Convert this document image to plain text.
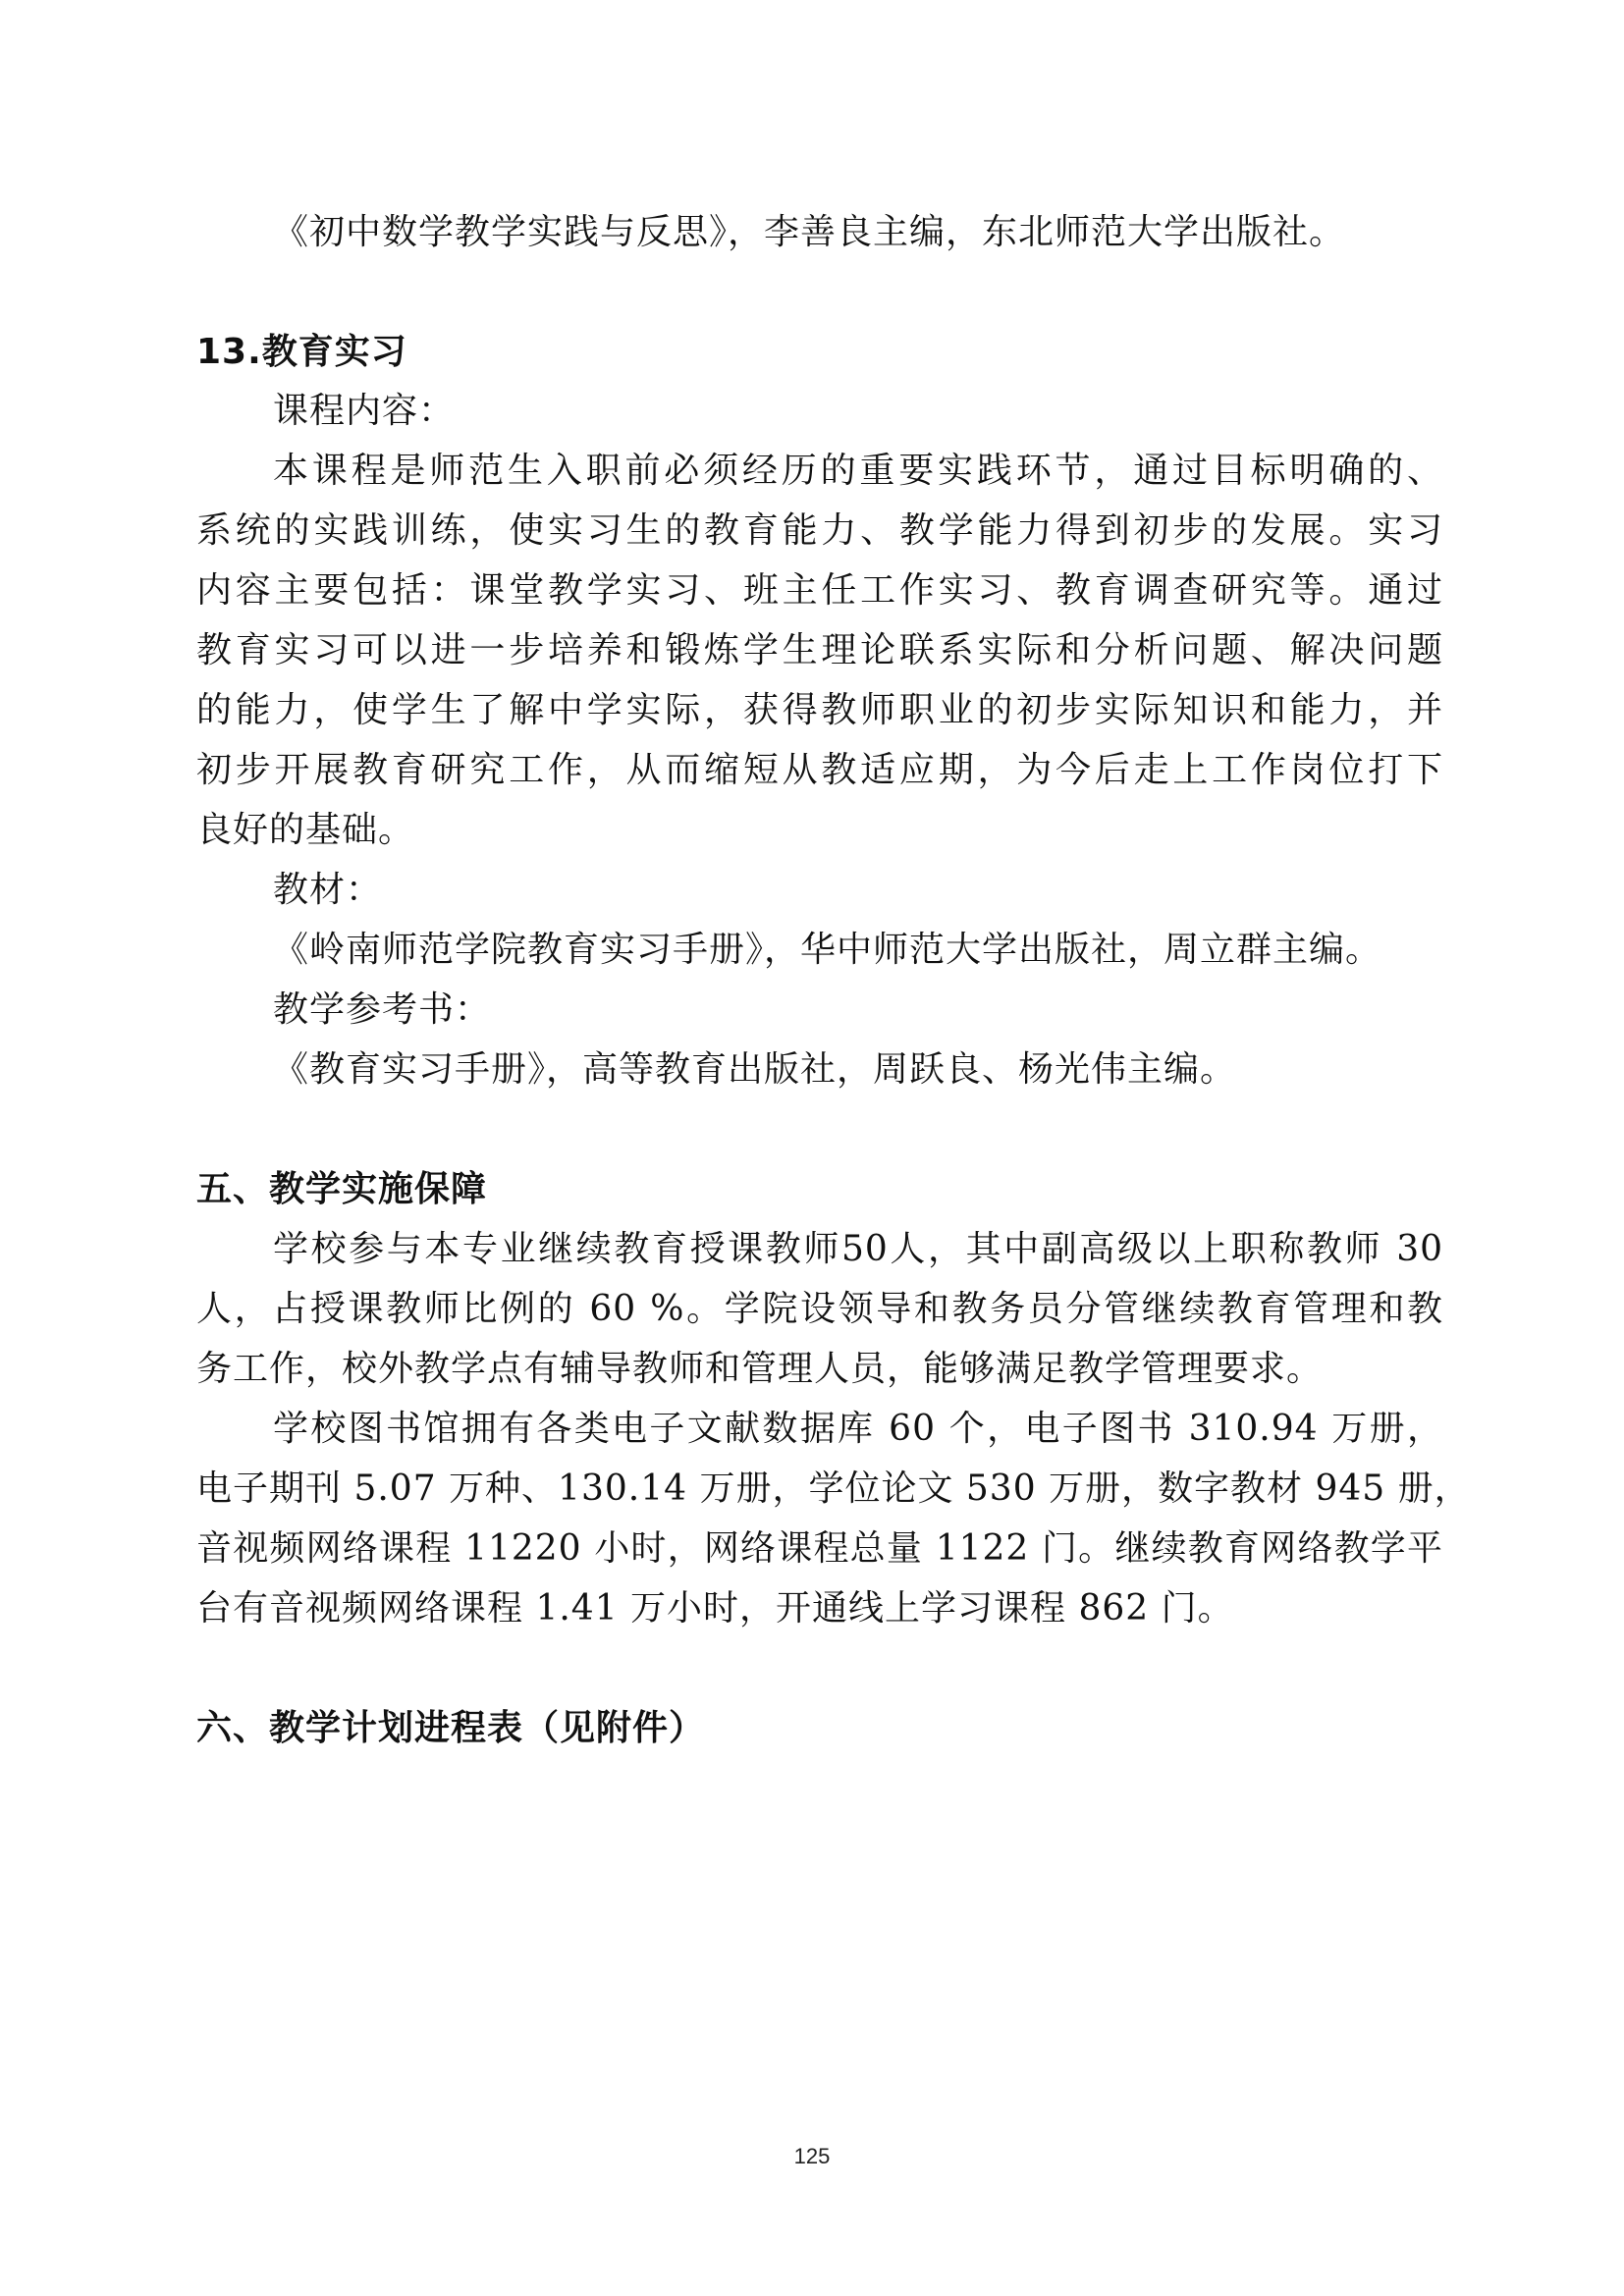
《初中数学教学实践与反思》，李善良主编，东北师范大学出版社。
13.教育实习
课程内容：
本课程是师范生入职前必须经历的重要实践环节，通过目标明确的、
系统的实践训练，使实习生的教育能力、教学能力得到初步的发展。实习
内容主要包括：课堂教学实习、班主任工作实习、教育调查研究等。通过
教育实习可以进一步培养和锻炼学生理论联系实际和分析问题、解决问题
的能力，使学生了解中学实际，获得教师职业的初步实际知识和能力，并
初步开展教育研究工作，从而缩短从教适应期，为今后走上工作岗位打下
良好的基础。
教材：
《岭南师范学院教育实习手册》，华中师范大学出版社，周立群主编。
教学参考书：
《教育实习手册》，高等教育出版社，周跃良、杨光伟主编。
五、教学实施保障
学校参与本专业继续教育授课教师50人，其中副高级以上职称教师 30
人，占授课教师比例的 60 %。学院设领导和教务员分管继续教育管理和教
务工作，校外教学点有辅导教师和管理人员，能够满足教学管理要求。
学校图书馆拥有各类电子文献数据库 60 个，电子图书 310.94 万册，
电子期刊 5.07 万种、130.14 万册，学位论文 530 万册，数字教材 945 册，
音视频网络课程 11220 小时，网络课程总量 1122 门。继续教育网络教学平
台有音视频网络课程 1.41 万小时，开通线上学习课程 862 门。
六、教学计划进程表（见附件）
125
